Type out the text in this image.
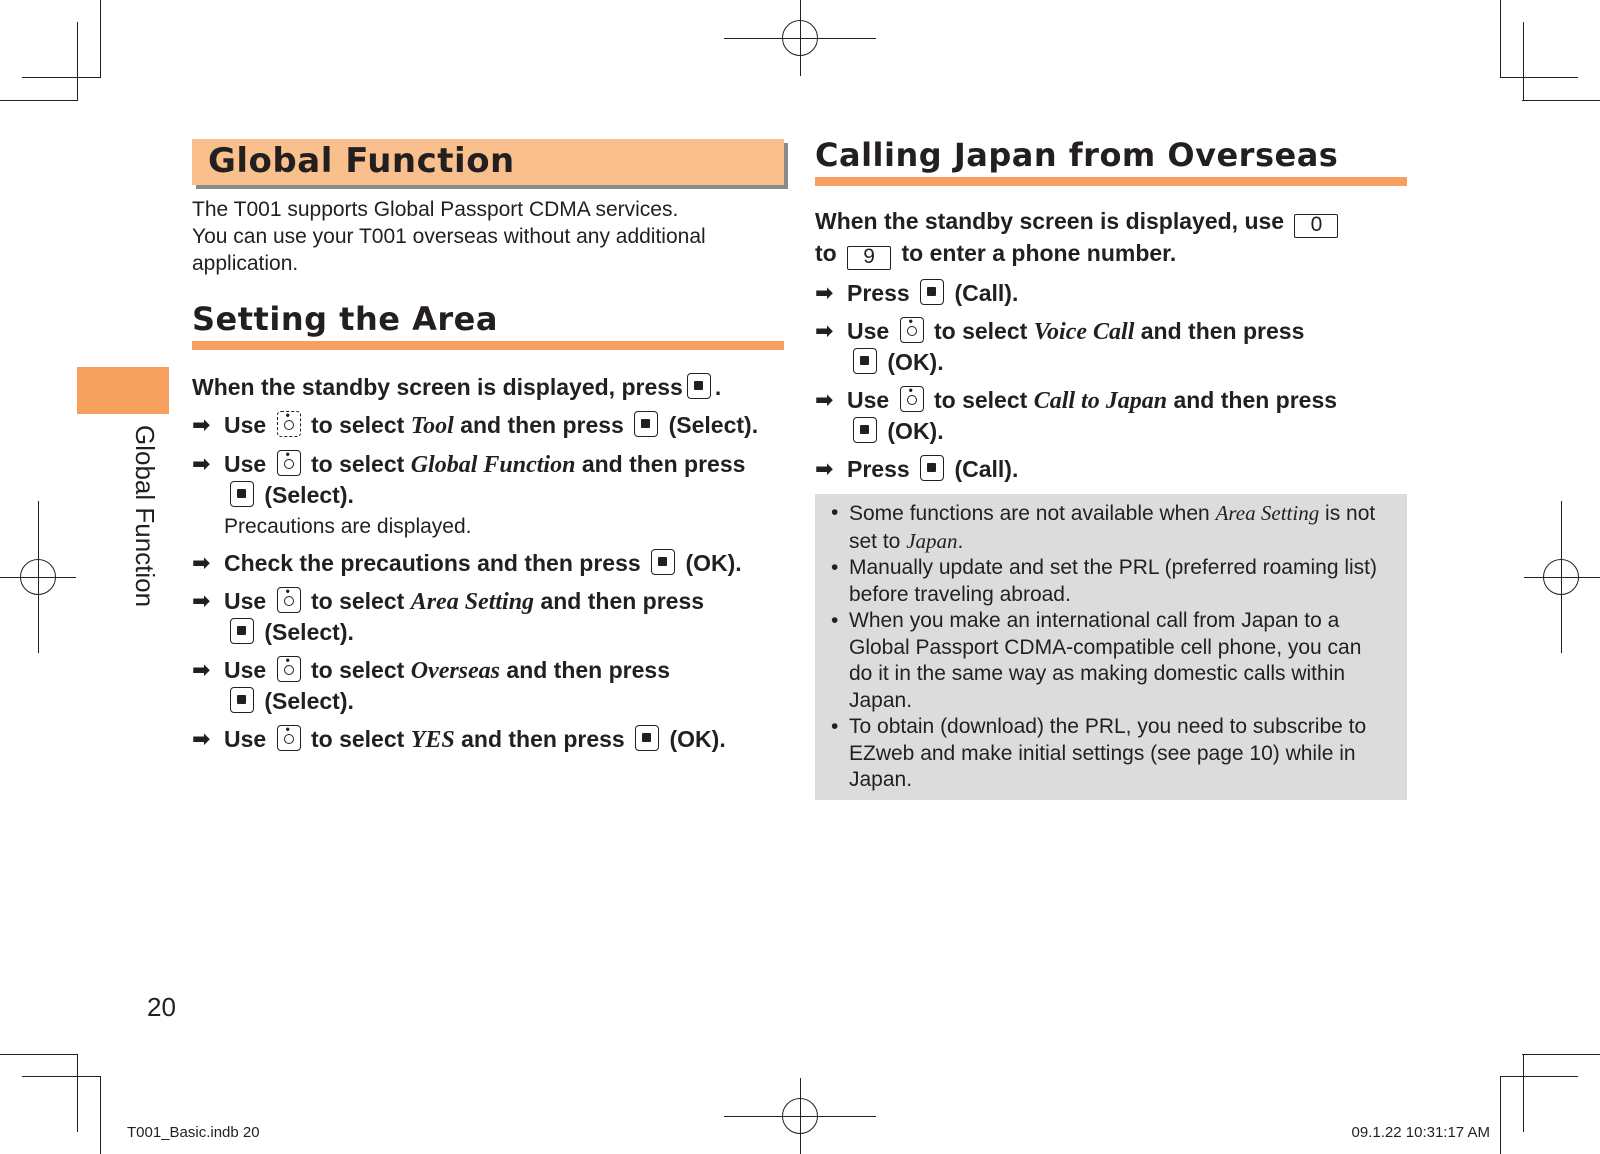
Global Function
Global Function
The T001 supports Global Passport CDMA services.
You can use your T001 overseas without any additional
application.
Setting the Area
When the standby screen is displayed, press .
➡ Use • to select Tool and then press (Select).
➡ Use • to select Global Function and then press
(Select).
Precautions are displayed.
➡ Check the precautions and then press (OK).
➡ Use • to select Area Setting and then press
(Select).
➡ Use • to select Overseas and then press
(Select).
➡ Use • to select YES and then press (OK).
Calling Japan from Overseas
When the standby screen is displayed, use 0
to 9 to enter a phone number.
➡ Press (Call).
➡ Use • to select Voice Call and then press
(OK).
➡ Use • to select Call to Japan and then press
(OK).
➡ Press (Call).
• Some functions are not available when Area Setting is not set to Japan.
• Manually update and set the PRL (preferred roaming list) before traveling abroad.
• When you make an international call from Japan to a Global Passport CDMA-compatible cell phone, you can do it in the same way as making domestic calls within Japan.
• To obtain (download) the PRL, you need to subscribe to EZweb and make initial settings (see page 10) while in Japan.
20
T001_Basic.indb 20	09.1.22 10:31:17 AM
